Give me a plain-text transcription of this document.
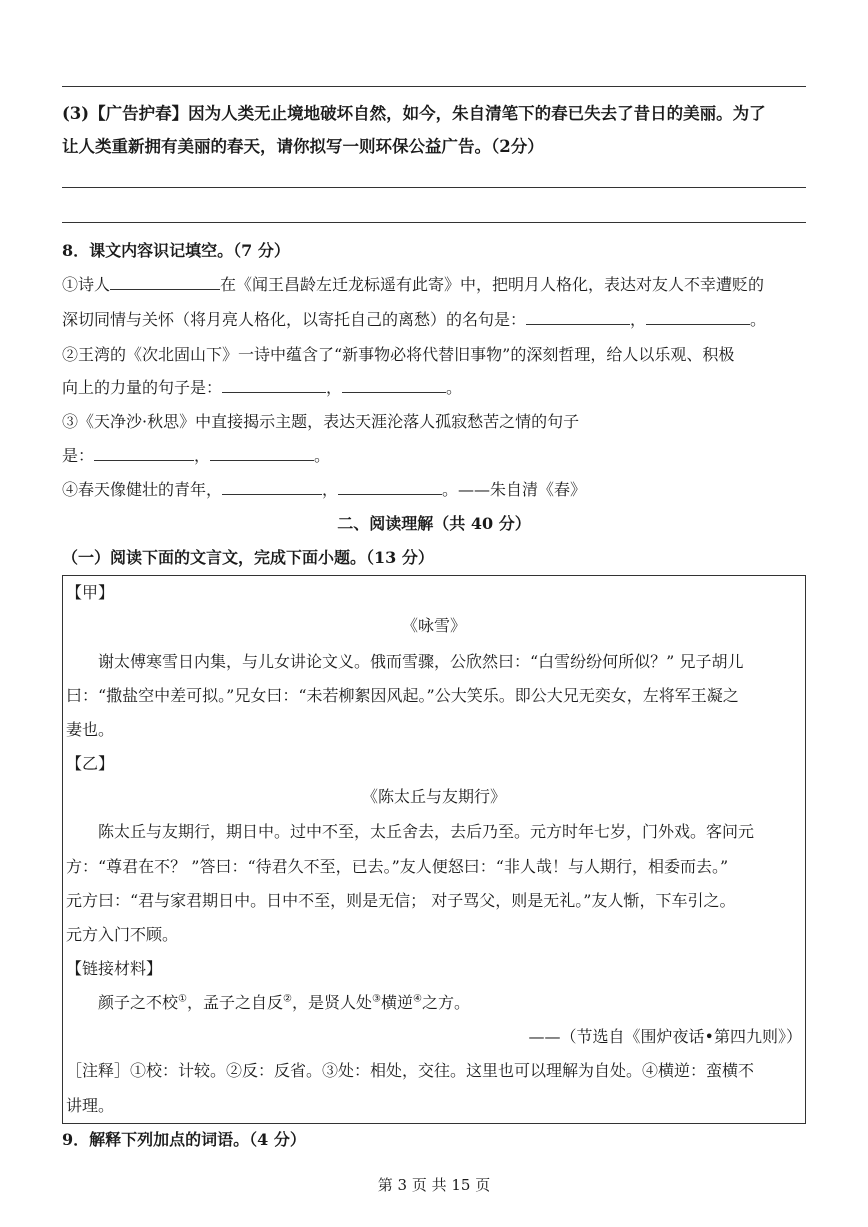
(3)【广告护春】因为人类无止境地破坏自然，如今，朱自清笔下的春已失去了昔日的美丽。为了
让人类重新拥有美丽的春天，请你拟写一则环保公益广告。（2分）
8．课文内容识记填空。（7 分）
①诗人	在《闻王昌龄左迁龙标遥有此寄》中，把明月人格化，表达对友人不幸遭贬的
深切同情与关怀（将月亮人格化，以寄托自己的离愁）的名句是：	，	。
②王湾的《次北固山下》一诗中蕴含了“新事物必将代替旧事物”的深刻哲理，给人以乐观、积极
向上的力量的句子是：	，	。
③《天净沙·秋思》中直接揭示主题，表达天涯沦落人孤寂愁苦之情的句子
是：	，	。
④春天像健壮的青年，	，	。——朱自清《春》
二、阅读理解（共 40 分）
（一）阅读下面的文言文，完成下面小题。（13 分）
【甲】
《咏雪》
谢太傅寒雪日内集，与儿女讲论文义。俄而雪骤，公欣然曰：“白雪纷纷何所似？” 兄子胡儿
曰：“撒盐空中差可拟。”兄女曰：“未若柳絮因风起。”公大笑乐。即公大兄无奕女，左将军王凝之
妻也。
【乙】
《陈太丘与友期行》
陈太丘与友期行，期日中。过中不至，太丘舍去，去后乃至。元方时年七岁，门外戏。客问元
方：“尊君在不？ ”答曰：“待君久不至，已去。”友人便怒曰：“非人哉！与人期行，相委而去。”
元方曰：“君与家君期日中。日中不至，则是无信； 对子骂父，则是无礼。”友人惭，下车引之。
元方入门不顾。
【链接材料】
颜子之不校①，孟子之自反②，是贤人处③横逆④之方。
——（节选自《围炉夜话•第四九则》）
［注释］①校：计较。②反：反省。③处：相处，交往。这里也可以理解为自处。④横逆：蛮横不
讲理。
9．解释下列加点的词语。（4 分）
第 3 页 共 15 页
